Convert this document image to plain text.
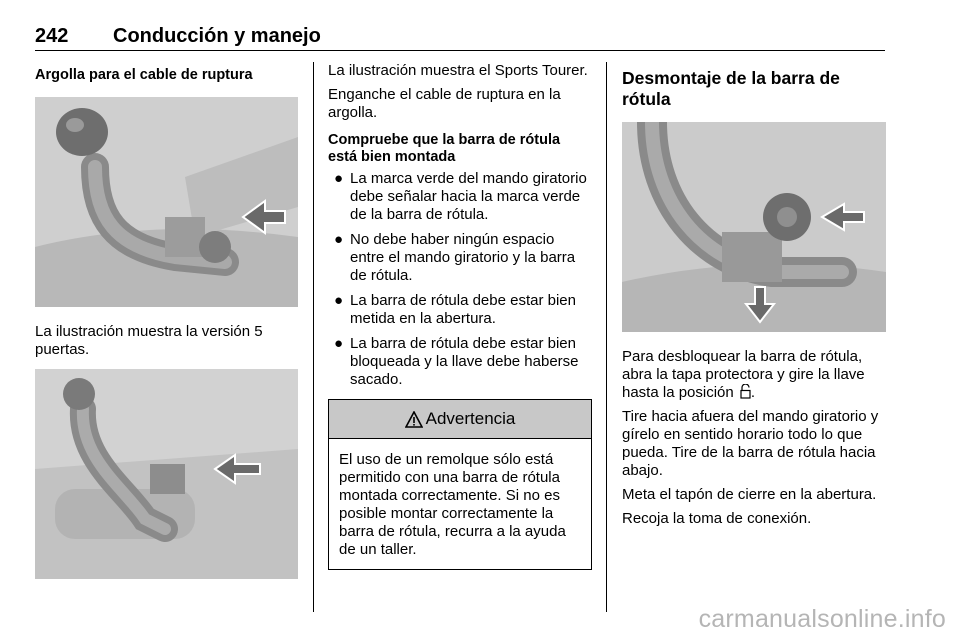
242 Conducción y manejo

Argolla para el cable de ruptura

La ilustración muestra la versión 5 puertas.

La ilustración muestra el Sports Tourer.

Enganche el cable de ruptura en la argolla.

Compruebe que la barra de rótula está bien montada

● La marca verde del mando giratorio debe señalar hacia la marca verde de la barra de rótula.
● No debe haber ningún espacio entre el mando giratorio y la barra de rótula.
● La barra de rótula debe estar bien metida en la abertura.
● La barra de rótula debe estar bien bloqueada y la llave debe haberse sacado.
Advertencia
El uso de un remolque sólo está permitido con una barra de rótula montada correctamente. Si no es posible montar correctamente la barra de rótula, recurra a la ayuda de un taller.
Desmontaje de la barra de rótula

Para desbloquear la barra de rótula, abra la tapa protectora y gire la llave hasta la posición .

Tire hacia afuera del mando giratorio y gírelo en sentido horario todo lo que pueda. Tire de la barra de rótula hacia abajo.

Meta el tapón de cierre en la abertura.

Recoja la toma de conexión.

carmanualsonline.info
